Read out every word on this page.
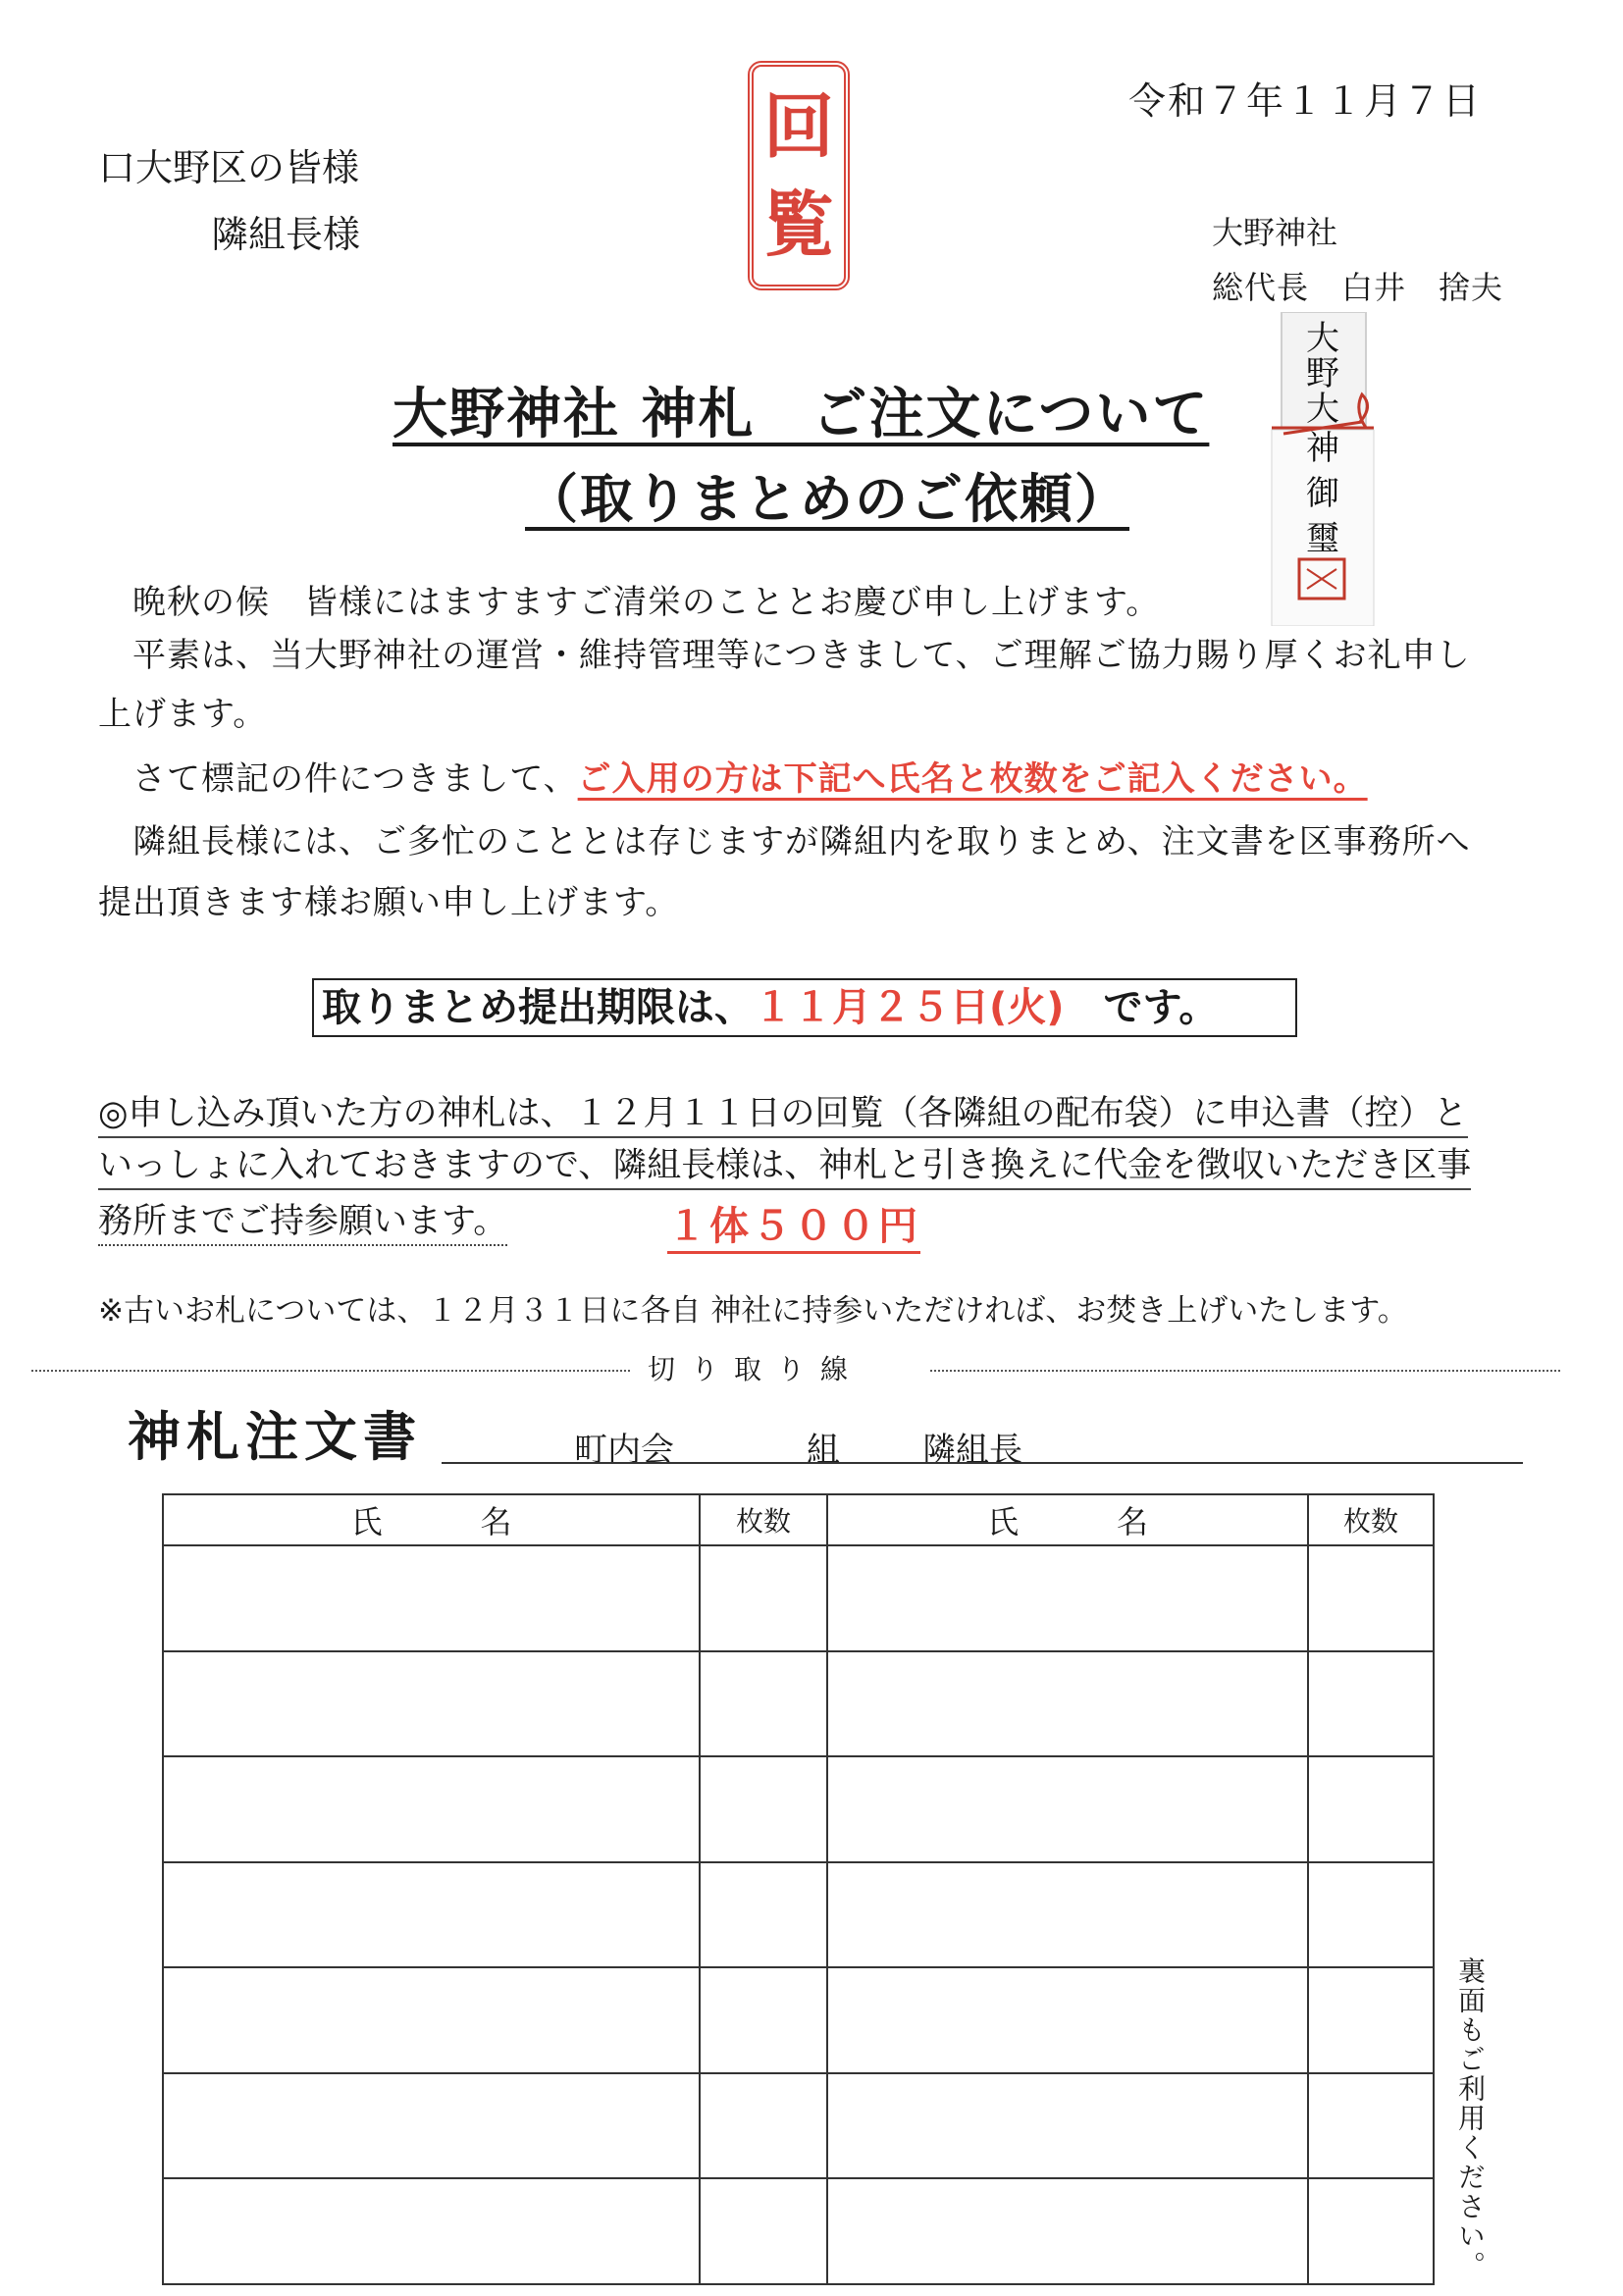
令和７年１１月７日
口大野区の皆様
隣組長様	大野神社
総代長　白井　捨夫
回
覧
大
野
大
神
御
璽
大野神社 神札　ご注文について
（取りまとめのご依頼）
晩秋の候　皆様にはますますご清栄のこととお慶び申し上げます。
平素は、当大野神社の運営・維持管理等につきまして、ご理解ご協力賜り厚くお礼申し
上げます。
さて標記の件につきまして、ご入用の方は下記へ氏名と枚数をご記入ください。
隣組長様には、ご多忙のこととは存じますが隣組内を取りまとめ、注文書を区事務所へ
提出頂きます様お願い申し上げます。
取りまとめ提出期限は、１１月２５日(火)　です。
◎申し込み頂いた方の神札は、１２月１１日の回覧（各隣組の配布袋）に申込書（控）と
いっしょに入れておきますので、隣組長様は、神札と引き換えに代金を徴収いただき区事
務所までご持参願います。	１体５００円
※古いお札については、１２月３１日に各自 神社に持参いただければ、お焚き上げいたします。
切り取り線
神札注文書	町内会	組 隣組長
氏名	枚数	氏名	枚数

裏面もご利用ください。
